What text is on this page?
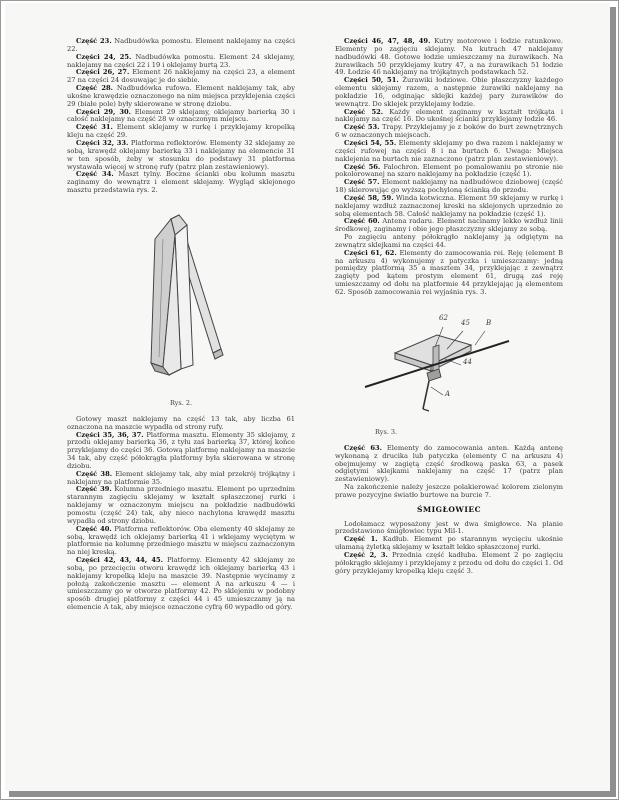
Część 23. Nadbudówka pomostu. Element naklejamy na części 22.

Części 24, 25. Nadbudówka pomostu. Element 24 sklejamy, naklejamy na części 22 i 19 i oklejamy burtą 23.

Części 26, 27. Element 26 naklejamy na części 23, a element 27 na części 24 dosuwając je do siebie.

Część 28. Nadbudówka rufowa. Element naklejamy tak, aby ukośne krawędzie oznaczonego na nim miejsca przyklejenia części 29 (białe pole) były skierowane w stronę dziobu.

Części 29, 30. Element 29 sklejamy, oklejamy barierką 30 i całość naklejamy na część 28 w oznaczonym miejscu.

Część 31. Element sklejamy w rurkę i przyklejamy kropelką kleju na część 29.

Części 32, 33. Platforma reflektorów. Elementy 32 sklejamy ze sobą, krawędź oklejamy barierką 33 i naklejamy na elemencie 31 w ten sposób, żeby w stosunku do podstawy 31 platforma wystawała więcej w stronę rufy (patrz plan zestawieniowy).

Część 34. Maszt tylny. Boczne ścianki obu kolumn masztu zaginamy do wewnątrz i element sklejamy. Wygląd sklejonego masztu przedstawia rys. 2.

Rys. 2.

Gotowy maszt naklejamy na część 13 tak, aby liczba 61 oznaczona na maszcie wypadła od strony rufy.

Części 35, 36, 37. Platforma masztu. Elementy 35 sklejamy, z przodu oklejamy barierką 36, z tyłu zaś barierką 37, której końce przyklejamy do części 36. Gotową platformę naklejamy na maszcie 34 tak, aby część półokrągła platformy była skierowana w stronę dziobu.

Część 38. Element sklejamy tak, aby miał przekrój trójkątny i naklejamy na platformie 35.

Część 39. Kolumna przedniego masztu. Element po uprzednim starannym zagięciu sklejamy w kształt spłaszczonej rurki i naklejamy w oznaczonym miejscu na pokładzie nadbudówki pomostu (część 24) tak, aby nieco nachylona krawędź masztu wypadła od strony dziobu.

Część 40. Platforma reflektorów. Oba elementy 40 sklejamy ze sobą, krawędź ich oklejamy barierką 41 i wklejamy wyciętym w platformie na kolumnę przedniego masztu w miejscu zaznaczonym na niej kreską.

Części 42, 43, 44, 45. Platformy. Elementy 42 sklejamy ze sobą, po przecięciu otworu krawędź ich oklejamy barierką 43 i naklejamy kropelką kleju na maszcie 39. Następnie wycinamy z położą zakończenie masztu — element A na arkuszu 4 — i umieszczamy go w otworze platformy 42. Po sklejeniu w podobny sposób drugiej platformy z części 44 i 45 umieszczamy ją na elemencie A tak, aby miejsce oznaczone cyfrą 60 wypadło od góry.

Części 46, 47, 48, 49. Kutry motorowe i łodzie ratunkowe. Elementy po zagięciu sklejamy. Na kutrach 47 naklejamy nadbudówki 48. Gotowe łodzie umieszczamy na żurawikach. Na żurawikach 50 przyklejamy kutry 47, a na żurawikach 51 łodzie 49. Łodzie 46 naklejamy na trójkątnych podstawkach 52.

Części 50, 51. Żurawiki łodziowe. Obie płaszczyzny każdego elementu sklejamy razem, a następnie żurawiki naklejamy na pokładzie 16, odginając sklejki każdej pary żurawików do wewnątrz. Do sklejek przyklejamy łodzie.

Część 52. Każdy element zaginamy w kształt trójkąta i naklejamy na część 16. Do ukośnej ścianki przyklejamy łodzie 46.

Część 53. Trapy. Przyklejamy je z boków do burt zewnętrznych 6 w oznaczonych miejscach.

Części 54, 55. Elementy sklejamy po dwa razem i naklejamy w części rufowej na części 8 i na burtach 6. Uwaga: Miejsca naklejenia na burtach nie zaznaczono (patrz plan zestawieniowy).

Część 56. Falochron. Element po pomalowaniu po stronie nie pokolorowanej na szaro naklejamy na pokładzie (część 1).

Część 57. Element naklejamy na nadbudówce dziobowej (część 18) skierowując go wyższą pochyloną ścianką do przodu.

Część 58, 59. Winda kotwiczna. Element 59 sklejamy w rurkę i naklejamy wzdłuż zaznaczonej kreski na sklejonych uprzednio ze sobą elementach 58. Całość naklejamy na pokładzie (część 1).

Część 60. Antena radaru. Element nacinamy lekko wzdłuż linii środkowej, zaginamy i obie jego płaszczyzny sklejamy ze sobą.

Po zagięciu anteny półokrągło naklejamy ją odgiętym na zewnątrz sklejkami na części 44.

Części 61, 62. Elementy do zamocowania rei. Reję (element B na arkuszu 4) wykonujemy z patyczka i umieszczamy: jedną pomiędzy platformą 35 a masztem 34, przyklejając z zewnątrz zagięty pod kątem prostym element 61, drugą zaś reję umieszczamy od dołu na platformie 44 przyklejając ją elementem 62. Sposób zamocowania rei wyjaśnia rys. 3.

62
45 B
44
A
Rys. 3.

Część 63. Elementy do zamocowania anten. Każdą antenę wykonaną z drucika lub patyczka (elementy C na arkuszu 4) obejmujemy w zagiętą część środkową paska 63, a pasek odgiętymi sklejkami naklejamy na część 17 (patrz plan zestawieniowy).

Na zakończenie należy jeszcze polakierować kolorem zielonym prawe pozycyjne światło burtowe na burcie 7.

ŚMIGŁOWIEC

Lodołamacz wyposażony jest w dwa śmigłowce. Na planie przedstawiono śmigłowiec typu Mil-1.

Część 1. Kadłub. Element po starannym wycięciu ukośnie ułamaną żyletką sklejamy w kształt lekko spłaszczonej rurki.

Część 2, 3. Przednia część kadłuba. Element 2 po zagięciu półokrągło sklejamy i przyklejamy z przodu od dołu do części 1. Od góry przyklejamy kropelką kleju część 3.
